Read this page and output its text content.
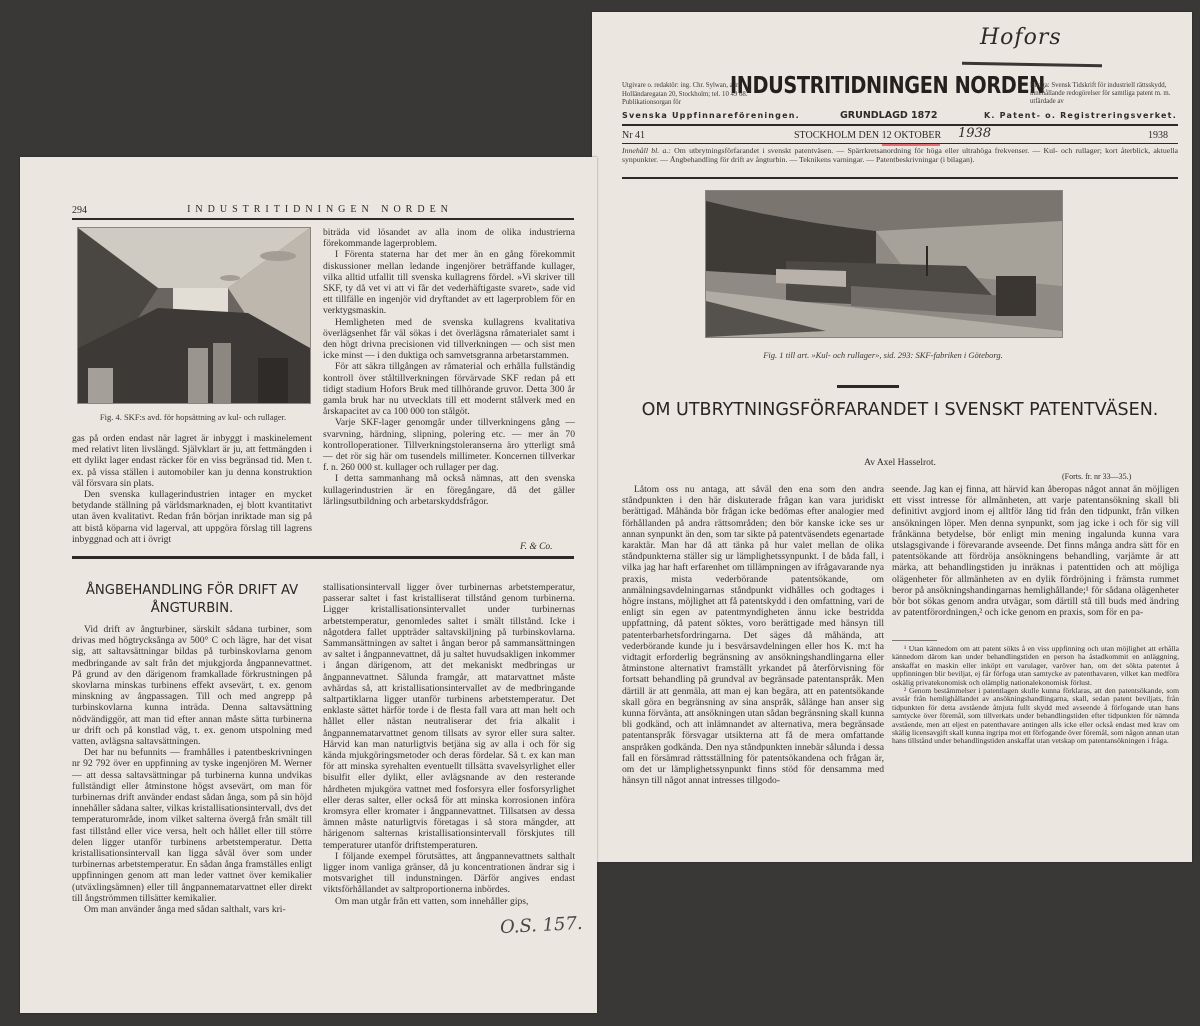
Hofors
Utgivare o. redaktör: ing. Chr. Sylwan, adr. Holländaregatan 20, Stockholm; tel. 10 49 68. Publikationsorgan för
Svenska Uppfinnareföreningen.
INDUSTRITIDNINGEN NORDEN
GRUNDLAGD 1872
Bilaga: Svensk Tidskrift för industriell rättsskydd, innehållande redogörelser för samtliga patent m. m. utfärdade av
K. Patent- o. Registreringsverket.
Nr 41	STOCKHOLM DEN 12 OKTOBER 1938	1938
Innehåll bl. a.: Om utbrytningsförfarandet i svenskt patentväsen. — Spärrkretsanordning för höga eller ultrahöga frekvenser. — Kul- och rullager; kort återblick, aktuella synpunkter. — Ångbehandling för drift av ångturbin. — Teknikens varningar. — Patentbeskrivningar (i bilagan).
Fig. 1 till art. »Kul- och rullager», sid. 293: SKF-fabriken i Göteborg.
OM UTBRYTNINGSFÖRFARANDET I SVENSKT PATENTVÄSEN.
Av Axel Hasselrot.
(Forts. fr. nr 33—35.)

Låtom oss nu antaga, att såväl den ena som den andra ståndpunkten i den här diskuterade frågan kan vara juridiskt berättigad. Måhända bör frågan icke bedömas efter analogier med förhållanden på andra rättsområden; den bör kanske icke ses ur annan synpunkt än den, som tar sikte på patentväsendets egenartade karaktär. Man har då att tänka på hur valet mellan de olika ståndpunkterna ställer sig ur lämplighetssynpunkt. I de båda fall, i vilka jag har haft erfarenhet om tillämpningen av ifrågavarande nya praxis, mista vederbörande patentsökande, om anmälningsavdelningarnas ståndpunkt vidhålles och godtages i högre instans, möjlighet att få patentskydd i den omfattning, vari de enligt sin egen av patentmyndigheten ännu icke bestridda uppfattning, då patent söktes, voro berättigade med hänsyn till patenterbarhetsfordringarna. Det säges då måhända, att vederbörande kunde ju i besvärsavdelningen eller hos K. m:t ha vidtagit erforderlig begränsning av ansökningshandlingarna eller åtminstone alternativt framställt yrkandet på återförvisning för fortsatt behandling på grundval av begränsade patentanspråk. Men därtill är att genmäla, att man ej kan begära, att en patentsökande skall göra en begränsning av sina anspråk, sålänge han anser sig kunna förvänta, att ansökningen utan sådan begränsning skall kunna bli godkänd, och att inlämnandet av alternativa, mera begränsade patentanspråk försvagar utsikterna att få de mera omfattande anspråken godkända. Den nya ståndpunkten innebär sålunda i dessa fall en försämrad rättsställning för patentsökandena och frågan är, om det ur lämplighetssynpunkt finns stöd för densamma med hänsyn till något annat intresses tillgodo-

seende. Jag kan ej finna, att härvid kan åberopas något annat än möjligen ett visst intresse för allmänheten, att varje patentansökning skall bli definitivt avgjord inom ej alltför lång tid från den tidpunkt, från vilken ansökningen löper. Men denna synpunkt, som jag icke i och för sig vill frånkänna betydelse, bör enligt min mening ingalunda kunna vara utslagsgivande i förevarande avseende. Det finns många andra sätt för en patentsökande att fördröja ansökningens behandling, varjämte är att märka, att behandlingstiden ju inräknas i patenttiden och att möjliga olägenheter för allmänheten av en dylik fördröjning i främsta rummet beror på ansökningshandingarnas hemlighållande;¹ för sådana olägenheter bör bot sökas genom andra utvägar, som därtill stå till buds med ändring av patentförordningen,² och icke genom en praxis, som för en pa-

¹ Utan kännedom om att patent sökts å en viss uppfinning och utan möjlighet att erhålla kännedom därom kan under behandlingstiden en person ha åstadkommit en anläggning, anskaffat en maskin eller inköpt ett varulager, varöver han, om det sökta patentet å uppfinningen blir beviljat, ej får förfoga utan samtycke av patenthavaren, vilket kan medföra oskälig privatekonomisk och olämplig nationalekonomisk förlust.

² Genom bestämmelser i patentlagen skulle kunna förklaras, att den patentsökande, som avstår från hemlighållandet av ansökningshandlingarna, skall, sedan patent beviljats, från tidpunkten för detta avstående åtnjuta fullt skydd med avseende å förfogande utan hans samtycke över föremål, som tillverkats under behandlingstiden efter tidpunkten för nämnda avstående, men att eljest en patenthavare antingen alls icke eller också endast med krav om skälig licensavgift skall kunna ingripa mot ett förfogande över föremål, som någon annan utan hans tillstånd under behandlingstiden anskaffat utan vetskap om patentansökningen i fråga.

294	INDUSTRITIDNINGEN NORDEN
Fig. 4. SKF:s avd. för hopsättning av kul- och rullager.

gas på orden endast när lagret är inbyggt i maskinelement med relativt liten livslängd. Självklart är ju, att fettmängden i ett dylikt lager endast räcker för en viss begränsad tid. Men t. ex. på vissa ställen i automobiler kan ju denna konstruktion väl försvara sin plats.

Den svenska kullagerindustrien intager en mycket betydande ställning på världsmarknaden, ej blott kvantitativt utan även kvalitativt. Redan från början inriktade man sig på att bistå köparna vid lagerval, att uppgöra förslag till lagrens inbyggnad och att i övrigt

biträda vid lösandet av alla inom de olika industrierna förekommande lagerproblem.

I Förenta staterna har det mer än en gång förekommit diskussioner mellan ledande ingenjörer beträffande kullager, vilka alltid utfallit till svenska kullagrens fördel. »Vi skriver till SKF, ty då vet vi att vi får det vederhäftigaste svaret», sade vid ett tillfälle en ingenjör vid dryftandet av ett lagerproblem för en verktygsmaskin.

Hemligheten med de svenska kullagrens kvalitativa överlägsenhet får väl sökas i det överlägsna råmaterialet samt i den högt drivna precisionen vid tillverkningen — och sist men icke minst — i den duktiga och samvetsgranna arbetarstammen.

För att säkra tillgången av råmaterial och erhålla fullständig kontroll över ståltillverkningen förvärvade SKF redan på ett tidigt stadium Hofors Bruk med tillhörande gruvor. Detta 300 år gamla bruk har nu utvecklats till ett modernt stålverk med en årskapacitet av ca 100 000 ton stålgöt.

Varje SKF-lager genomgår under tillverkningens gång — svarvning, härdning, slipning, polering etc. — mer än 70 kontrolloperationer. Tillverkningstoleranserna äro ytterligt små — det rör sig här om tusendels millimeter. Koncernen tillverkar f. n. 260 000 st. kullager och rullager per dag.

I detta sammanhang må också nämnas, att den svenska kullagerindustrien är en föregångare, då det gäller lärlingsutbildning och arbetarskyddsfrågor.

F. & Co.
ÅNGBEHANDLING FÖR DRIFT AV ÅNGTURBIN.

Vid drift av ångturbiner, särskilt sådana turbiner, som drivas med högtrycksånga av 500° C och lägre, har det visat sig, att saltavsättningar bildas på turbinskovlarna genom medbringande av salt från det mjukgjorda ångpannevattnet. På grund av den därigenom framkallade förkrustningen på skovlarna minskas turbinens effekt avsevärt, t. ex. genom minskning av ångpassagen. Till och med angrepp på turbinskovlarna kunna inträda. Denna saltavsättning nödvändiggör, att man tid efter annan måste sätta turbinerna ur drift och på konstlad väg, t. ex. genom utspolning med vatten, avlägsna saltavsättningen.

Det har nu befunnits — framhålles i patentbeskrivningen nr 92 792 över en uppfinning av tyske ingenjören M. Werner — att dessa saltavsättningar på turbinerna kunna undvikas fullständigt eller åtminstone högst avsevärt, om man för turbinernas drift använder endast sådan ånga, som på sin höjd innehåller sådana salter, vilkas kristallisationsintervall, dvs det temperaturområde, inom vilket salterna övergå från smält till fast tillstånd eller vice versa, helt och hållet eller till större delen ligger utanför turbinens arbetstemperatur. Detta kristallisationsintervall kan ligga såväl över som under turbinernas arbetstemperatur. En sådan ånga framställes enligt uppfinningen genom att man leder vattnet över kemikalier (utväxlingsämnen) eller till ångpannematarvattnet eller direkt till ångströmmen tillsätter kemikalier.

Om man använder ånga med sådan salthalt, vars kri-

stallisationsintervall ligger över turbinernas arbetstemperatur, passerar saltet i fast kristalliserat tillstånd genom turbinerna. Ligger kristallisationsintervallet under turbinernas arbetstemperatur, genomledes saltet i smält tillstånd. Icke i någotdera fallet uppträder saltavskiljning på turbinskovlarna. Sammansättningen av saltet i ångan beror på sammansättningen av saltet i ångpannevattnet, då ju saltet huvudsakligen inkommer i ångan därigenom, att det mekaniskt medbringas ur ångpannevattnet. Sålunda framgår, att matarvattnet måste avhärdas så, att kristallisationsintervallet av de medbringande saltpartiklarna ligger utanför turbinens arbetstemperatur. Det enklaste sättet härför torde i de flesta fall vara att man helt och hållet eller nästan neutraliserar det fria alkalit i ångpannematarvattnet genom tillsats av syror eller sura salter. Härvid kan man naturligtvis betjäna sig av alla i och för sig kända mjukgöringsmetoder och deras fördelar. Så t. ex kan man för att minska syrehalten eventuellt tillsätta svavelsyrlighet eller bisulfit eller dylikt, eller avlägsnande av den resterande hårdheten mjukgöra vattnet med fosforsyra eller fosforsyrlighet eller deras salter, eller också för att minska korrosionen införa kromsyra eller kromater i ångpannevattnet. Tillsatsen av dessa ämnen måste naturligtvis företagas i så stora mängder, att härigenom salternas kristallisationsintervall förskjutes till temperaturer utanför driftstemperaturen.

I följande exempel förutsättes, att ångpannevattnets salthalt ligger inom vanliga gränser, då ju koncentrationen ändrar sig i motsvarighet till indunstningen. Därför angives endast viktsförhållandet av saltproportionerna inbördes.

Om man utgår från ett vatten, som innehåller gips,

O.S. 157.
